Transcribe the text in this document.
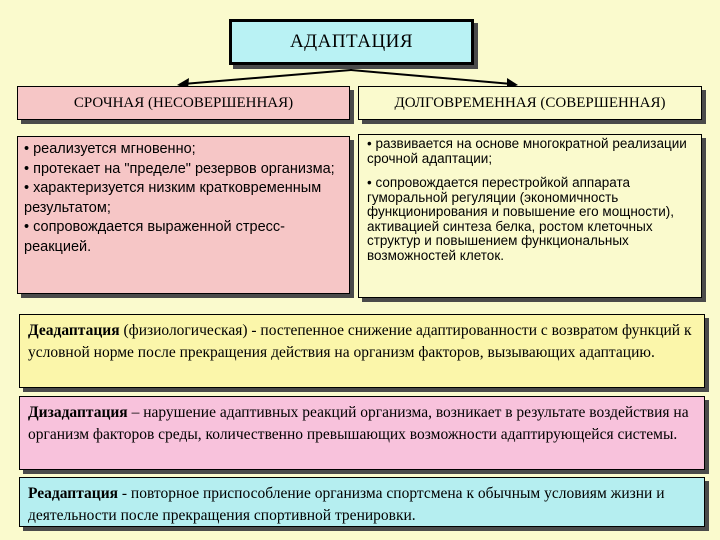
АДАПТАЦИЯ
СРОЧНАЯ (НЕСОВЕРШЕННАЯ)	ДОЛГОВРЕМЕННАЯ (СОВЕРШЕННАЯ)
• реализуется мгновенно;
• протекает на "пределе" резервов организма;
• характеризуется низким кратковременным результатом;
• сопровождается выраженной стресс-реакцией.
• развивается на основе многократной реализации срочной адаптации;
• сопровождается перестройкой аппарата гуморальной регуляции (экономичность функционирования и повышение его мощности), активацией синтеза белка, ростом клеточных структур и повышением функциональных возможностей клеток.
Деадаптация (физиологическая) - постепенное снижение адаптированности с возвратом функций к условной норме после прекращения действия на организм факторов, вызывающих адаптацию.
Дизадаптация – нарушение адаптивных реакций организма, возникает в результате воздействия на организм факторов среды, количественно превышающих возможности адаптирующейся системы.
Реадаптация - повторное приспособление организма спортсмена к обычным условиям жизни и деятельности после прекращения спортивной тренировки.
